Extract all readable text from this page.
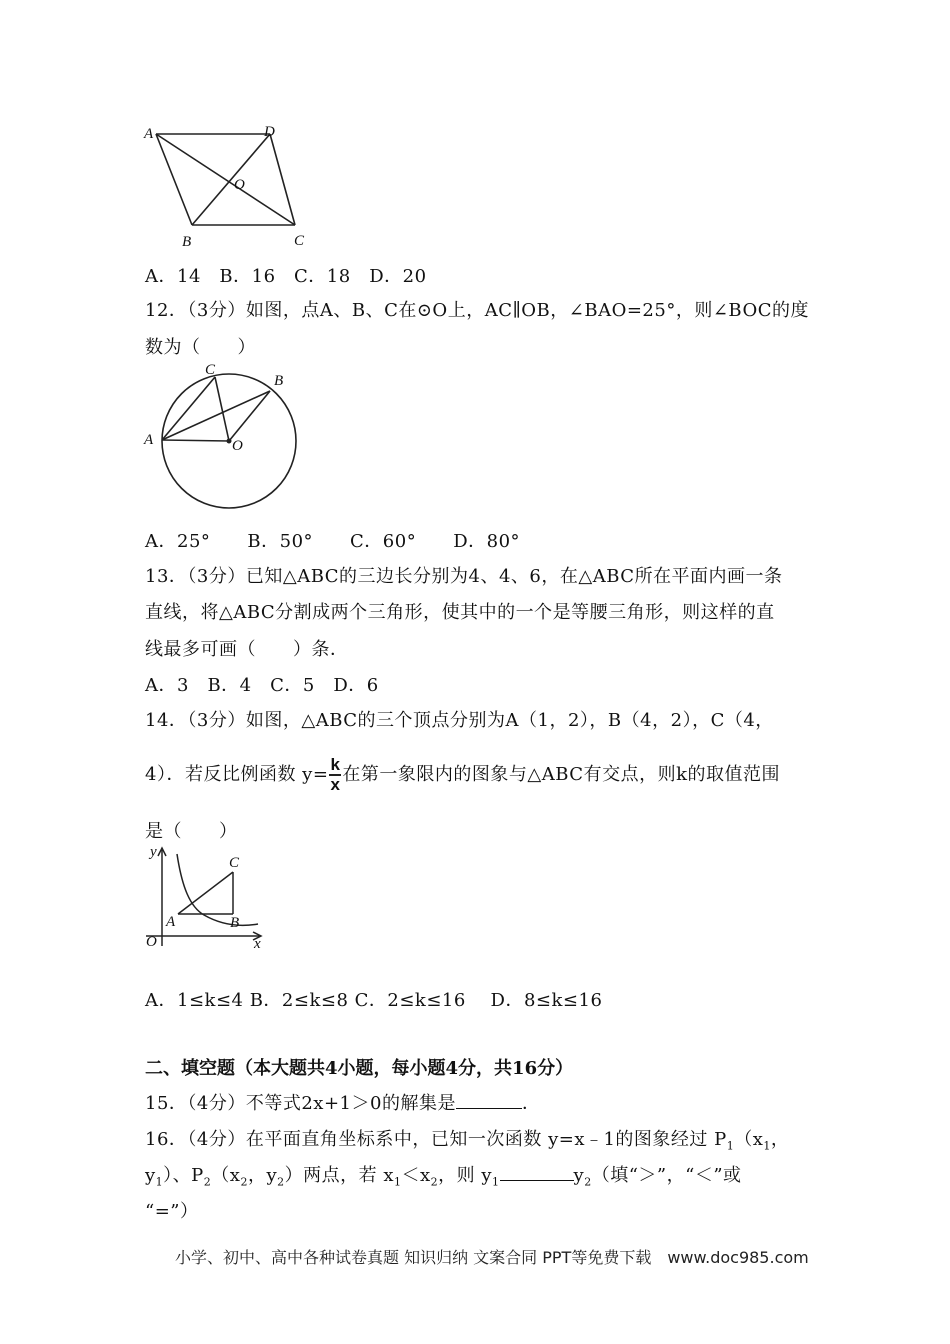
A	D
O
B	C
A．14　B．16　C．18　D．20
12．（3分）如图，点A、B、C在⊙O上，AC∥OB，∠BAO=25°，则∠BOC的度
数为（　　）
C
B
A	O
A．25°　　B．50°　　C．60°　　D．80°
13．（3分）已知△ABC的三边长分别为4、4、6，在△ABC所在平面内画一条
直线，将△ABC分割成两个三角形，使其中的一个是等腰三角形，则这样的直
线最多可画（　　）条．
A．3　B．4　C．5　D．6
14．（3分）如图，△ABC的三个顶点分别为A（1，2），B（4，2），C（4，
4）．若反比例函数 $y= \frac{k}{x}$ 在第一象限内的图象与△ABC有交点，则k的取值范围
是（　　）
y
C
A	B
O	x
A．1≤k≤4 B．2≤k≤8 C．2≤k≤16　 D．8≤k≤16
二、填空题（本大题共4小题，每小题4分，共16分）
15．（4分）不等式2x+1＞0的解集是	．
16．（4分）在平面直角坐标系中，已知一次函数 y=x﹣1的图象经过 $P_1(x_1$，
$y_1$）、$P_2(x_2$，$y_2$）两点，若 $x_1<x_2$，则 $y_1$	$y_2$（填“＞”，“＜”或
“=”）
小学、初中、高中各种试卷真题 知识归纳 文案合同 PPT等免费下载　www.doc985.com
